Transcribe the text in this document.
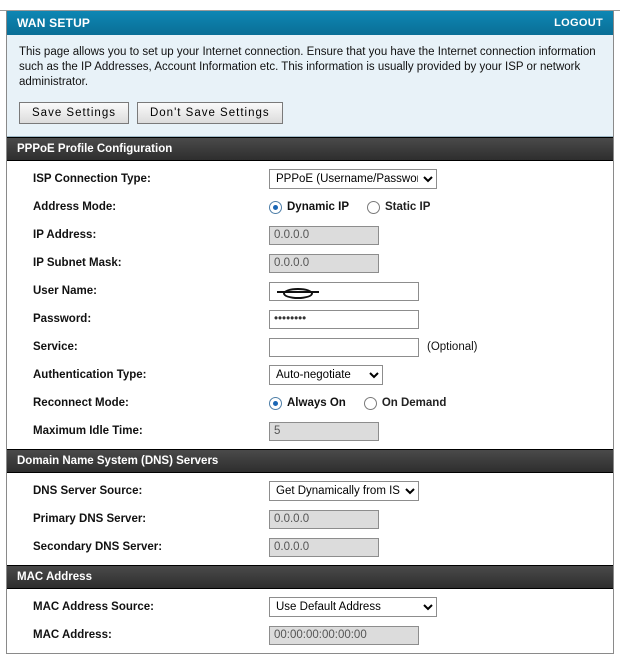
WAN SETUP	LOGOUT

This page allows you to set up your Internet connection. Ensure that you have the Internet connection information such as the IP Addresses, Account Information etc. This information is usually provided by your ISP or network administrator.

Save Settings	Don't Save Settings
PPPoE Profile Configuration
ISP Connection Type:
PPPoE (Username/Password)
Address Mode:	Dynamic IP	Static IP
IP Address:
0.0.0.0
IP Subnet Mask:
0.0.0.0
User Name:
Password:
••••••••
Service:	(Optional)
Authentication Type:
Auto-negotiate
Reconnect Mode:	Always On	On Demand
Maximum Idle Time:
5
Domain Name System (DNS) Servers
DNS Server Source:
Get Dynamically from ISP
Primary DNS Server:
0.0.0.0
Secondary DNS Server:
0.0.0.0
MAC Address
MAC Address Source:
Use Default Address
MAC Address:
00:00:00:00:00:00
